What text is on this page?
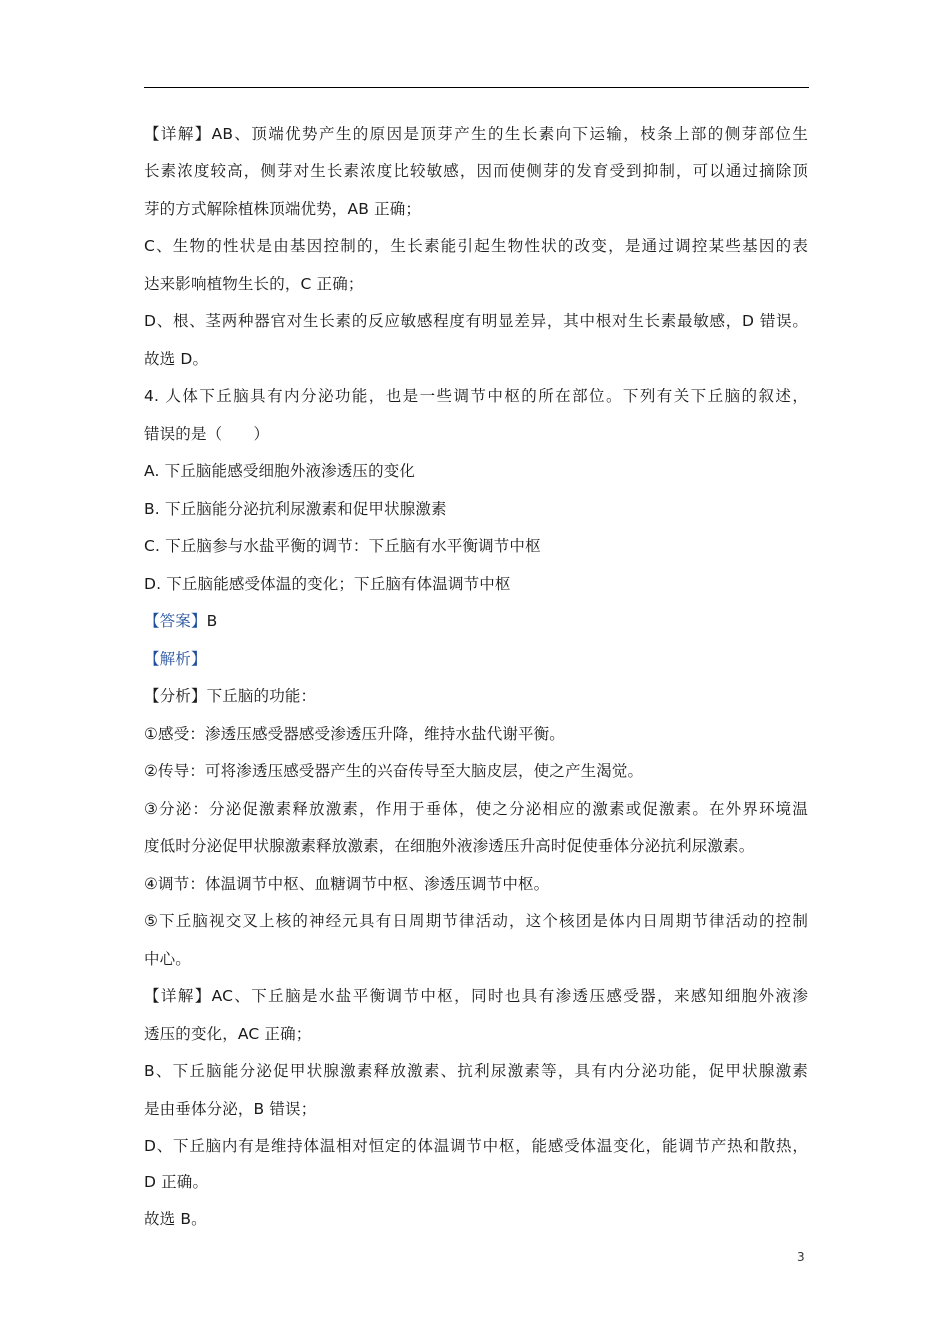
【详解】AB、顶端优势产生的原因是顶芽产生的生长素向下运输，枝条上部的侧芽部位生
长素浓度较高，侧芽对生长素浓度比较敏感，因而使侧芽的发育受到抑制，可以通过摘除顶
芽的方式解除植株顶端优势，AB 正确；
C、生物的性状是由基因控制的，生长素能引起生物性状的改变，是通过调控某些基因的表
达来影响植物生长的，C 正确；
D、根、茎两种器官对生长素的反应敏感程度有明显差异，其中根对生长素最敏感，D 错误。
故选 D。
4. 人体下丘脑具有内分泌功能，也是一些调节中枢的所在部位。下列有关下丘脑的叙述，
错误的是（　　）
A. 下丘脑能感受细胞外液渗透压的变化
B. 下丘脑能分泌抗利尿激素和促甲状腺激素
C. 下丘脑参与水盐平衡的调节：下丘脑有水平衡调节中枢
D. 下丘脑能感受体温的变化；下丘脑有体温调节中枢
【答案】B
【解析】
【分析】下丘脑的功能：
①感受：渗透压感受器感受渗透压升降，维持水盐代谢平衡。
②传导：可将渗透压感受器产生的兴奋传导至大脑皮层，使之产生渴觉。
③分泌：分泌促激素释放激素，作用于垂体，使之分泌相应的激素或促激素。在外界环境温
度低时分泌促甲状腺激素释放激素，在细胞外液渗透压升高时促使垂体分泌抗利尿激素。
④调节：体温调节中枢、血糖调节中枢、渗透压调节中枢。
⑤下丘脑视交叉上核的神经元具有日周期节律活动，这个核团是体内日周期节律活动的控制
中心。
【详解】AC、下丘脑是水盐平衡调节中枢，同时也具有渗透压感受器，来感知细胞外液渗
透压的变化，AC 正确；
B、下丘脑能分泌促甲状腺激素释放激素、抗利尿激素等，具有内分泌功能，促甲状腺激素
是由垂体分泌，B 错误；
D、下丘脑内有是维持体温相对恒定的体温调节中枢，能感受体温变化，能调节产热和散热，
D 正确。
故选 B。
3
